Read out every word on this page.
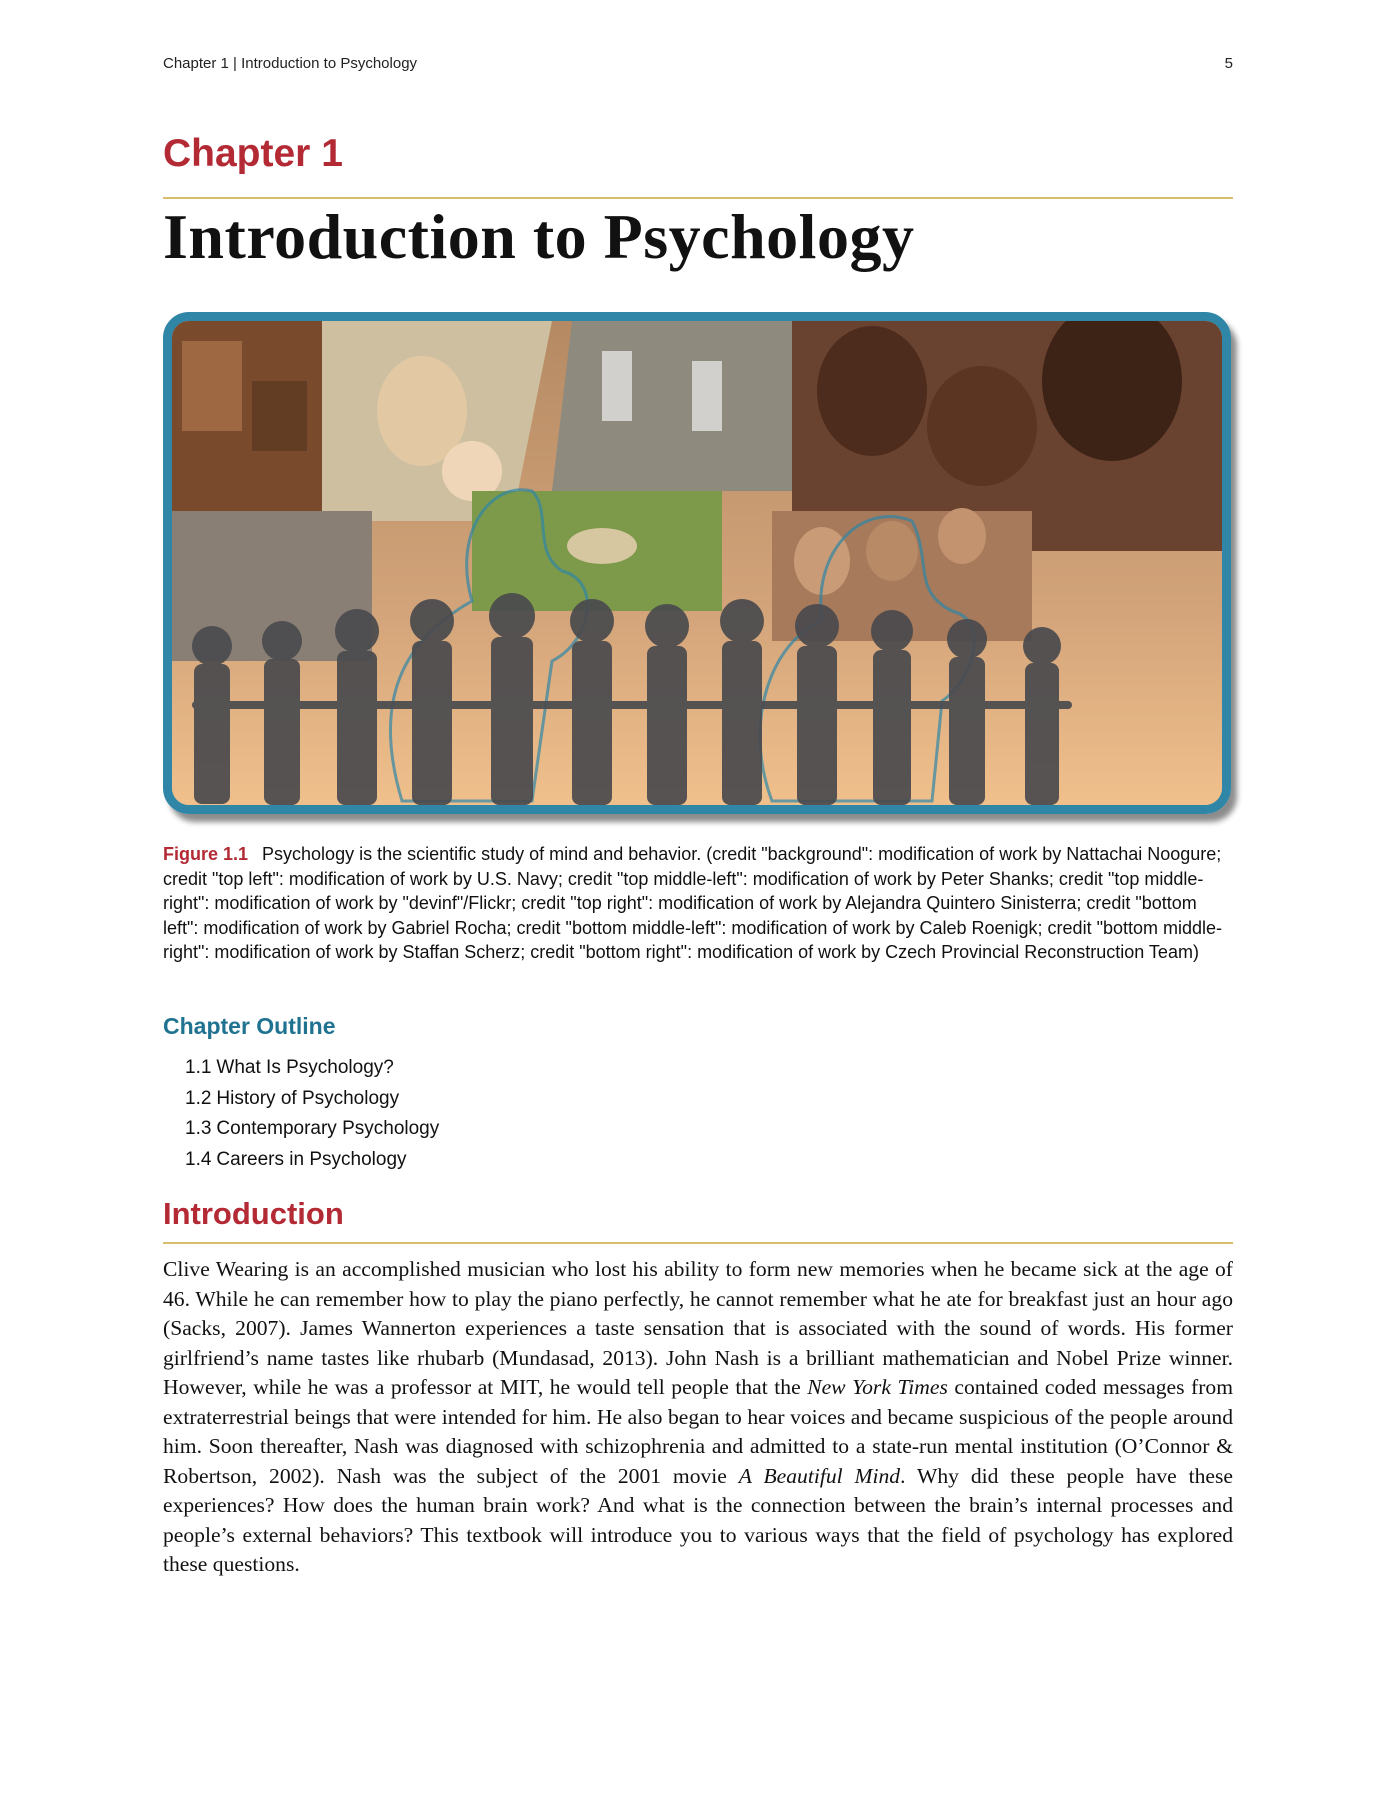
Chapter 1 | Introduction to Psychology	5
Chapter 1
Introduction to Psychology
Figure 1.1 Psychology is the scientific study of mind and behavior. (credit "background": modification of work by Nattachai Noogure; credit "top left": modification of work by U.S. Navy; credit "top middle-left": modification of work by Peter Shanks; credit "top middle-right": modification of work by "devinf"/Flickr; credit "top right": modification of work by Alejandra Quintero Sinisterra; credit "bottom left": modification of work by Gabriel Rocha; credit "bottom middle-left": modification of work by Caleb Roenigk; credit "bottom middle-right": modification of work by Staffan Scherz; credit "bottom right": modification of work by Czech Provincial Reconstruction Team)
Chapter Outline
1.1 What Is Psychology?
1.2 History of Psychology
1.3 Contemporary Psychology
1.4 Careers in Psychology
Introduction

Clive Wearing is an accomplished musician who lost his ability to form new memories when he became sick at the age of 46. While he can remember how to play the piano perfectly, he cannot remember what he ate for breakfast just an hour ago (Sacks, 2007). James Wannerton experiences a taste sensation that is associated with the sound of words. His former girlfriend’s name tastes like rhubarb (Mundasad, 2013). John Nash is a brilliant mathematician and Nobel Prize winner. However, while he was a professor at MIT, he would tell people that the New York Times contained coded messages from extraterrestrial beings that were intended for him. He also began to hear voices and became suspicious of the people around him. Soon thereafter, Nash was diagnosed with schizophrenia and admitted to a state-run mental institution (O’Connor & Robertson, 2002). Nash was the subject of the 2001 movie A Beautiful Mind. Why did these people have these experiences? How does the human brain work? And what is the connection between the brain’s internal processes and people’s external behaviors? This textbook will introduce you to various ways that the field of psychology has explored these questions.
